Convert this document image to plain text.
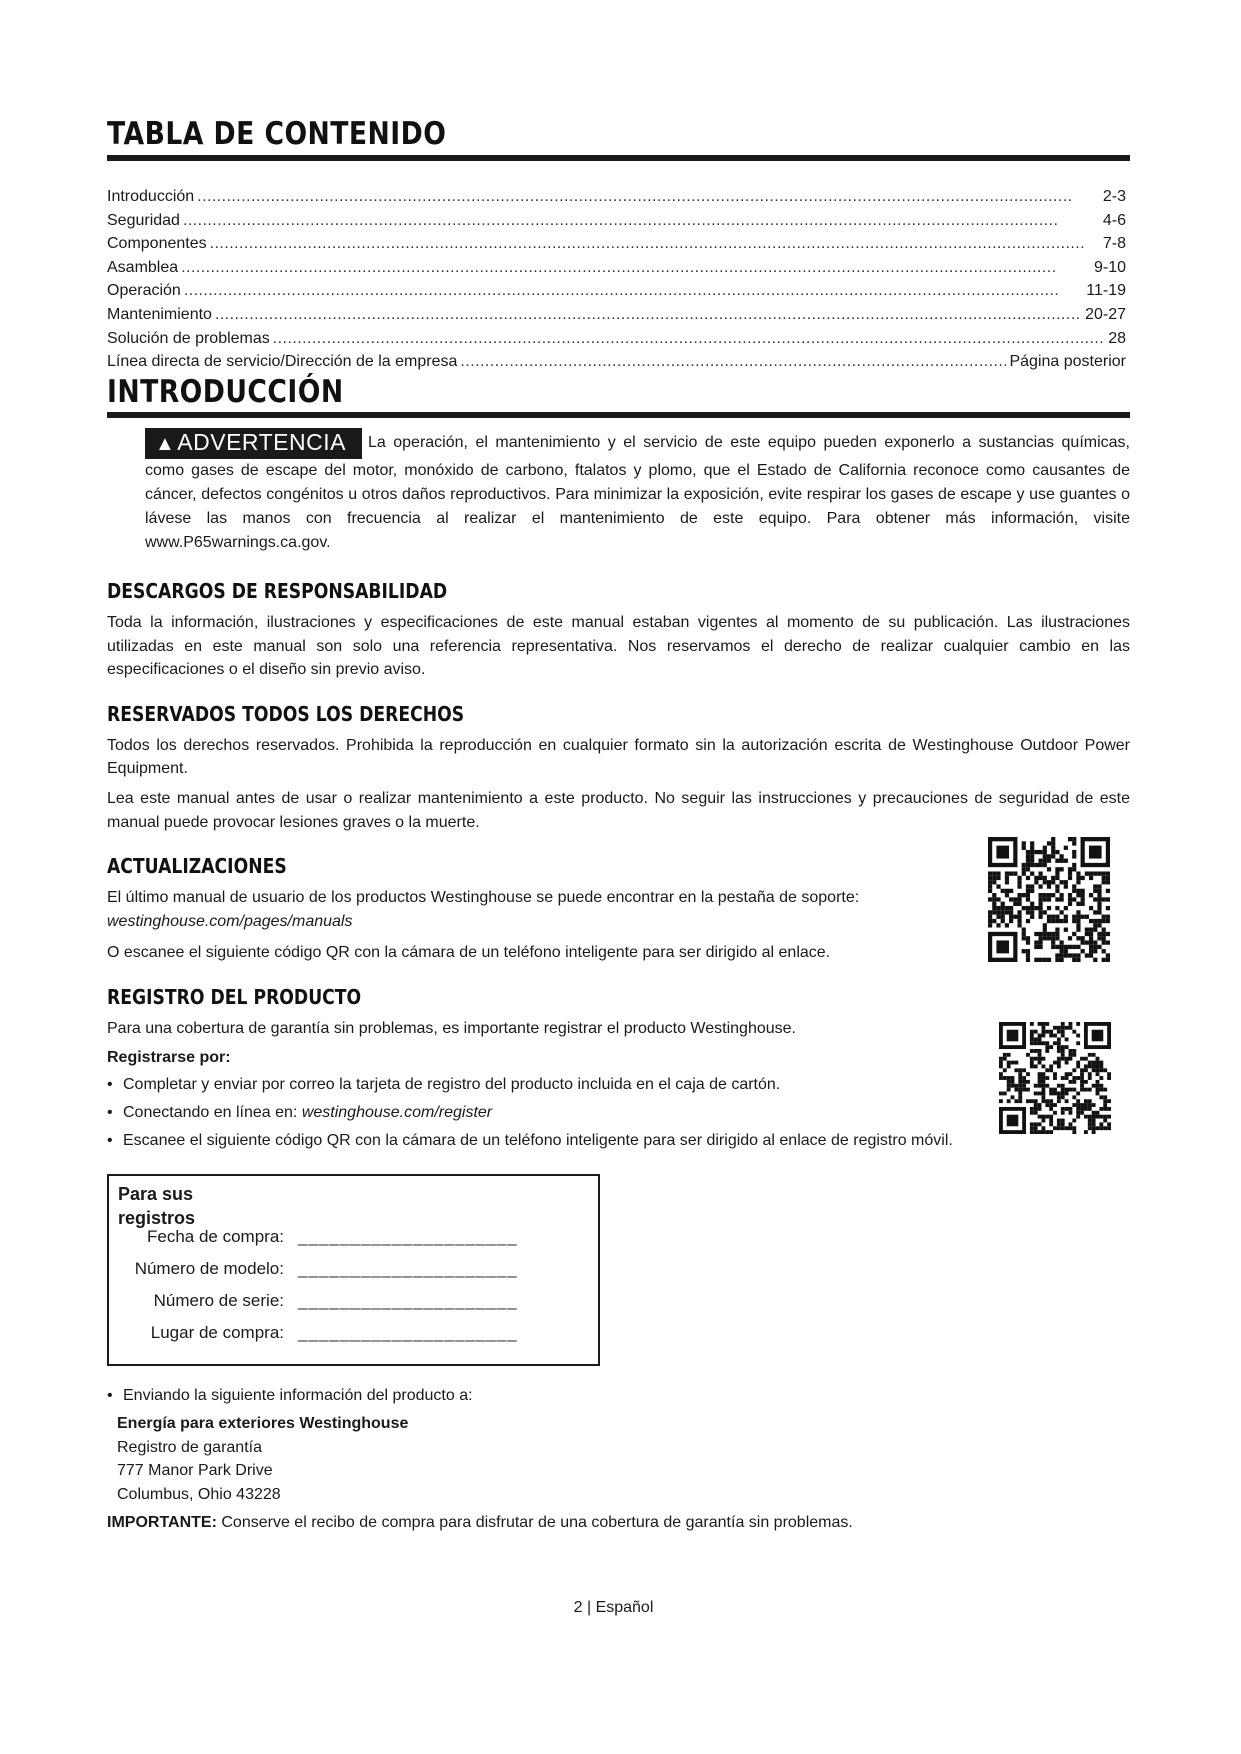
TABLA DE CONTENIDO
Introducción . . .	2-3
Seguridad . . .	4-6
Componentes . . .	7-8
Asamblea . . .	9-10
Operación . . .	11-19
Mantenimiento . . .	20-27
Solución de problemas . . .	28
Línea directa de servicio/Dirección de la empresa . . .	Página posterior
INTRODUCCIÓN

▲ADVERTENCIA La operación, el mantenimiento y el servicio de este equipo pueden exponerlo a sustancias químicas, como gases de escape del motor, monóxido de carbono, ftalatos y plomo, que el Estado de California reconoce como causantes de cáncer, defectos congénitos u otros daños reproductivos. Para minimizar la exposición, evite respirar los gases de escape y use guantes o lávese las manos con frecuencia al realizar el mantenimiento de este equipo. Para obtener más información, visite www.P65warnings.ca.gov.

DESCARGOS DE RESPONSABILIDAD

Toda la información, ilustraciones y especificaciones de este manual estaban vigentes al momento de su publicación. Las ilustraciones utilizadas en este manual son solo una referencia representativa. Nos reservamos el derecho de realizar cualquier cambio en las especificaciones o el diseño sin previo aviso.

RESERVADOS TODOS LOS DERECHOS

Todos los derechos reservados. Prohibida la reproducción en cualquier formato sin la autorización escrita de Westinghouse Outdoor Power Equipment.

Lea este manual antes de usar o realizar mantenimiento a este producto. No seguir las instrucciones y precauciones de seguridad de este manual puede provocar lesiones graves o la muerte.

ACTUALIZACIONES

El último manual de usuario de los productos Westinghouse se puede encontrar en la pestaña de soporte: westinghouse.com/pages/manuals

O escanee el siguiente código QR con la cámara de un teléfono inteligente para ser dirigido al enlace.

REGISTRO DEL PRODUCTO

Para una cobertura de garantía sin problemas, es importante registrar el producto Westinghouse.

Registrarse por:
• Completar y enviar por correo la tarjeta de registro del producto incluida en el caja de cartón.
• Conectando en línea en: westinghouse.com/register
• Escanee el siguiente código QR con la cámara de un teléfono inteligente para ser dirigido al enlace de registro móvil.
Para sus registros
Fecha de compra: _____________________
Número de modelo: _____________________
Número de serie: _____________________
Lugar de compra: _____________________
• Enviando la siguiente información del producto a:
Energía para exteriores Westinghouse
Registro de garantía
777 Manor Park Drive
Columbus, Ohio 43228
IMPORTANTE: Conserve el recibo de compra para disfrutar de una cobertura de garantía sin problemas.
2 | Español
